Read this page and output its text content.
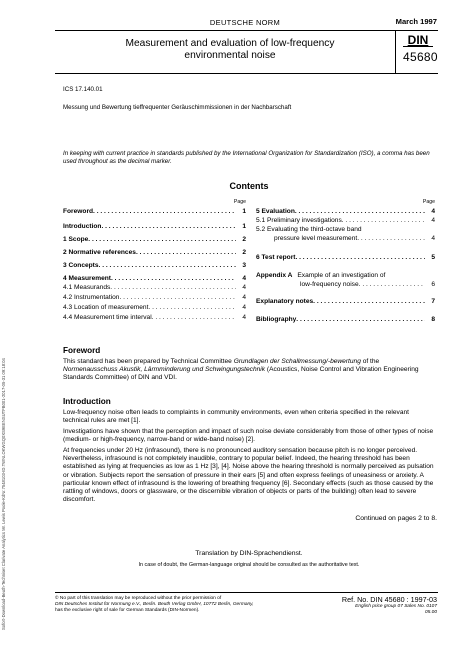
Sofort-Download-Beuth-Techniset Clarivate Analytics Mr. Lewis Poole-KdNr.7548103-ID.TWNLOKWGQ0XS9EENSUTFB001-2017-05-31 09:18:04
DEUTSCHE NORM	March 1997
Measurement and evaluation of low-frequency
environmental noise
DIN
45680
ICS 17.140.01
Messung und Bewertung tieffrequenter Geräuschimmissionen in der Nachbarschaft
In keeping with current practice in standards published by the International Organization for Standardization (ISO), a comma has been used throughout as the decimal marker.
Contents
Page	Page
Foreword . . .	1
Introduction . . .	1
1 Scope . . .	2
2 Normative references . . .	2
3 Concepts . . .	3
4 Measurement . . .	4
4.1 Measurands . . .	4
4.2 Instrumentation . . .	4
4.3 Location of measurement . . .	4
4.4 Measurement time interval . . .	4
5 Evaluation . . .	4
5.1 Preliminary investigations . . .	4
5.2 Evaluating the third-octave band
pressure level measurement . . .	4
6 Test report . . .	5
Appendix A Example of an investigation of
low-frequency noise . . .	6
Explanatory notes . . .	7
Bibliography . . .	8
Foreword
This standard has been prepared by Technical Committee Grundlagen der Schallmessung/-bewertung of the Normenausschuss Akustik, Lärmminderung und Schwingungstechnik (Acoustics, Noise Control and Vibration Engineering Standards Committee) of DIN and VDI.
Introduction
Low-frequency noise often leads to complaints in community environments, even when criteria specified in the relevant technical rules are met [1].
Investigations have shown that the perception and impact of such noise deviate considerably from those of other types of noise (medium- or high-frequency, narrow-band or wide-band noise) [2].
At frequencies under 20 Hz (infrasound), there is no pronounced auditory sensation because pitch is no longer perceived. Nevertheless, infrasound is not completely inaudible, contrary to popular belief. Indeed, the hearing threshold has been established as lying at frequencies as low as 1 Hz [3], [4]. Noise above the hearing threshold is normally perceived as pulsation or vibration. Subjects report the sensation of pressure in their ears [5] and often express feelings of uneasiness or anxiety. A particular known effect of infrasound is the lowering of breathing frequency [6]. Secondary effects (such as those caused by the rattling of windows, doors or glassware, or the discernible vibration of objects or parts of the building) often lead to severe discomfort.
Continued on pages 2 to 8.
Translation by DIN-Sprachendienst.
In case of doubt, the German-language original should be consulted as the authoritative text.
© No part of this translation may be reproduced without the prior permission of
DIN Deutsches Institut für Normung e.V., Berlin. Beuth Verlag GmbH, 10772 Berlin, Germany,
has the exclusive right of sale for German Standards (DIN-Normen).
Ref. No. DIN 45680 : 1997-03
English price group 07 Sales No. 0107
05.00
